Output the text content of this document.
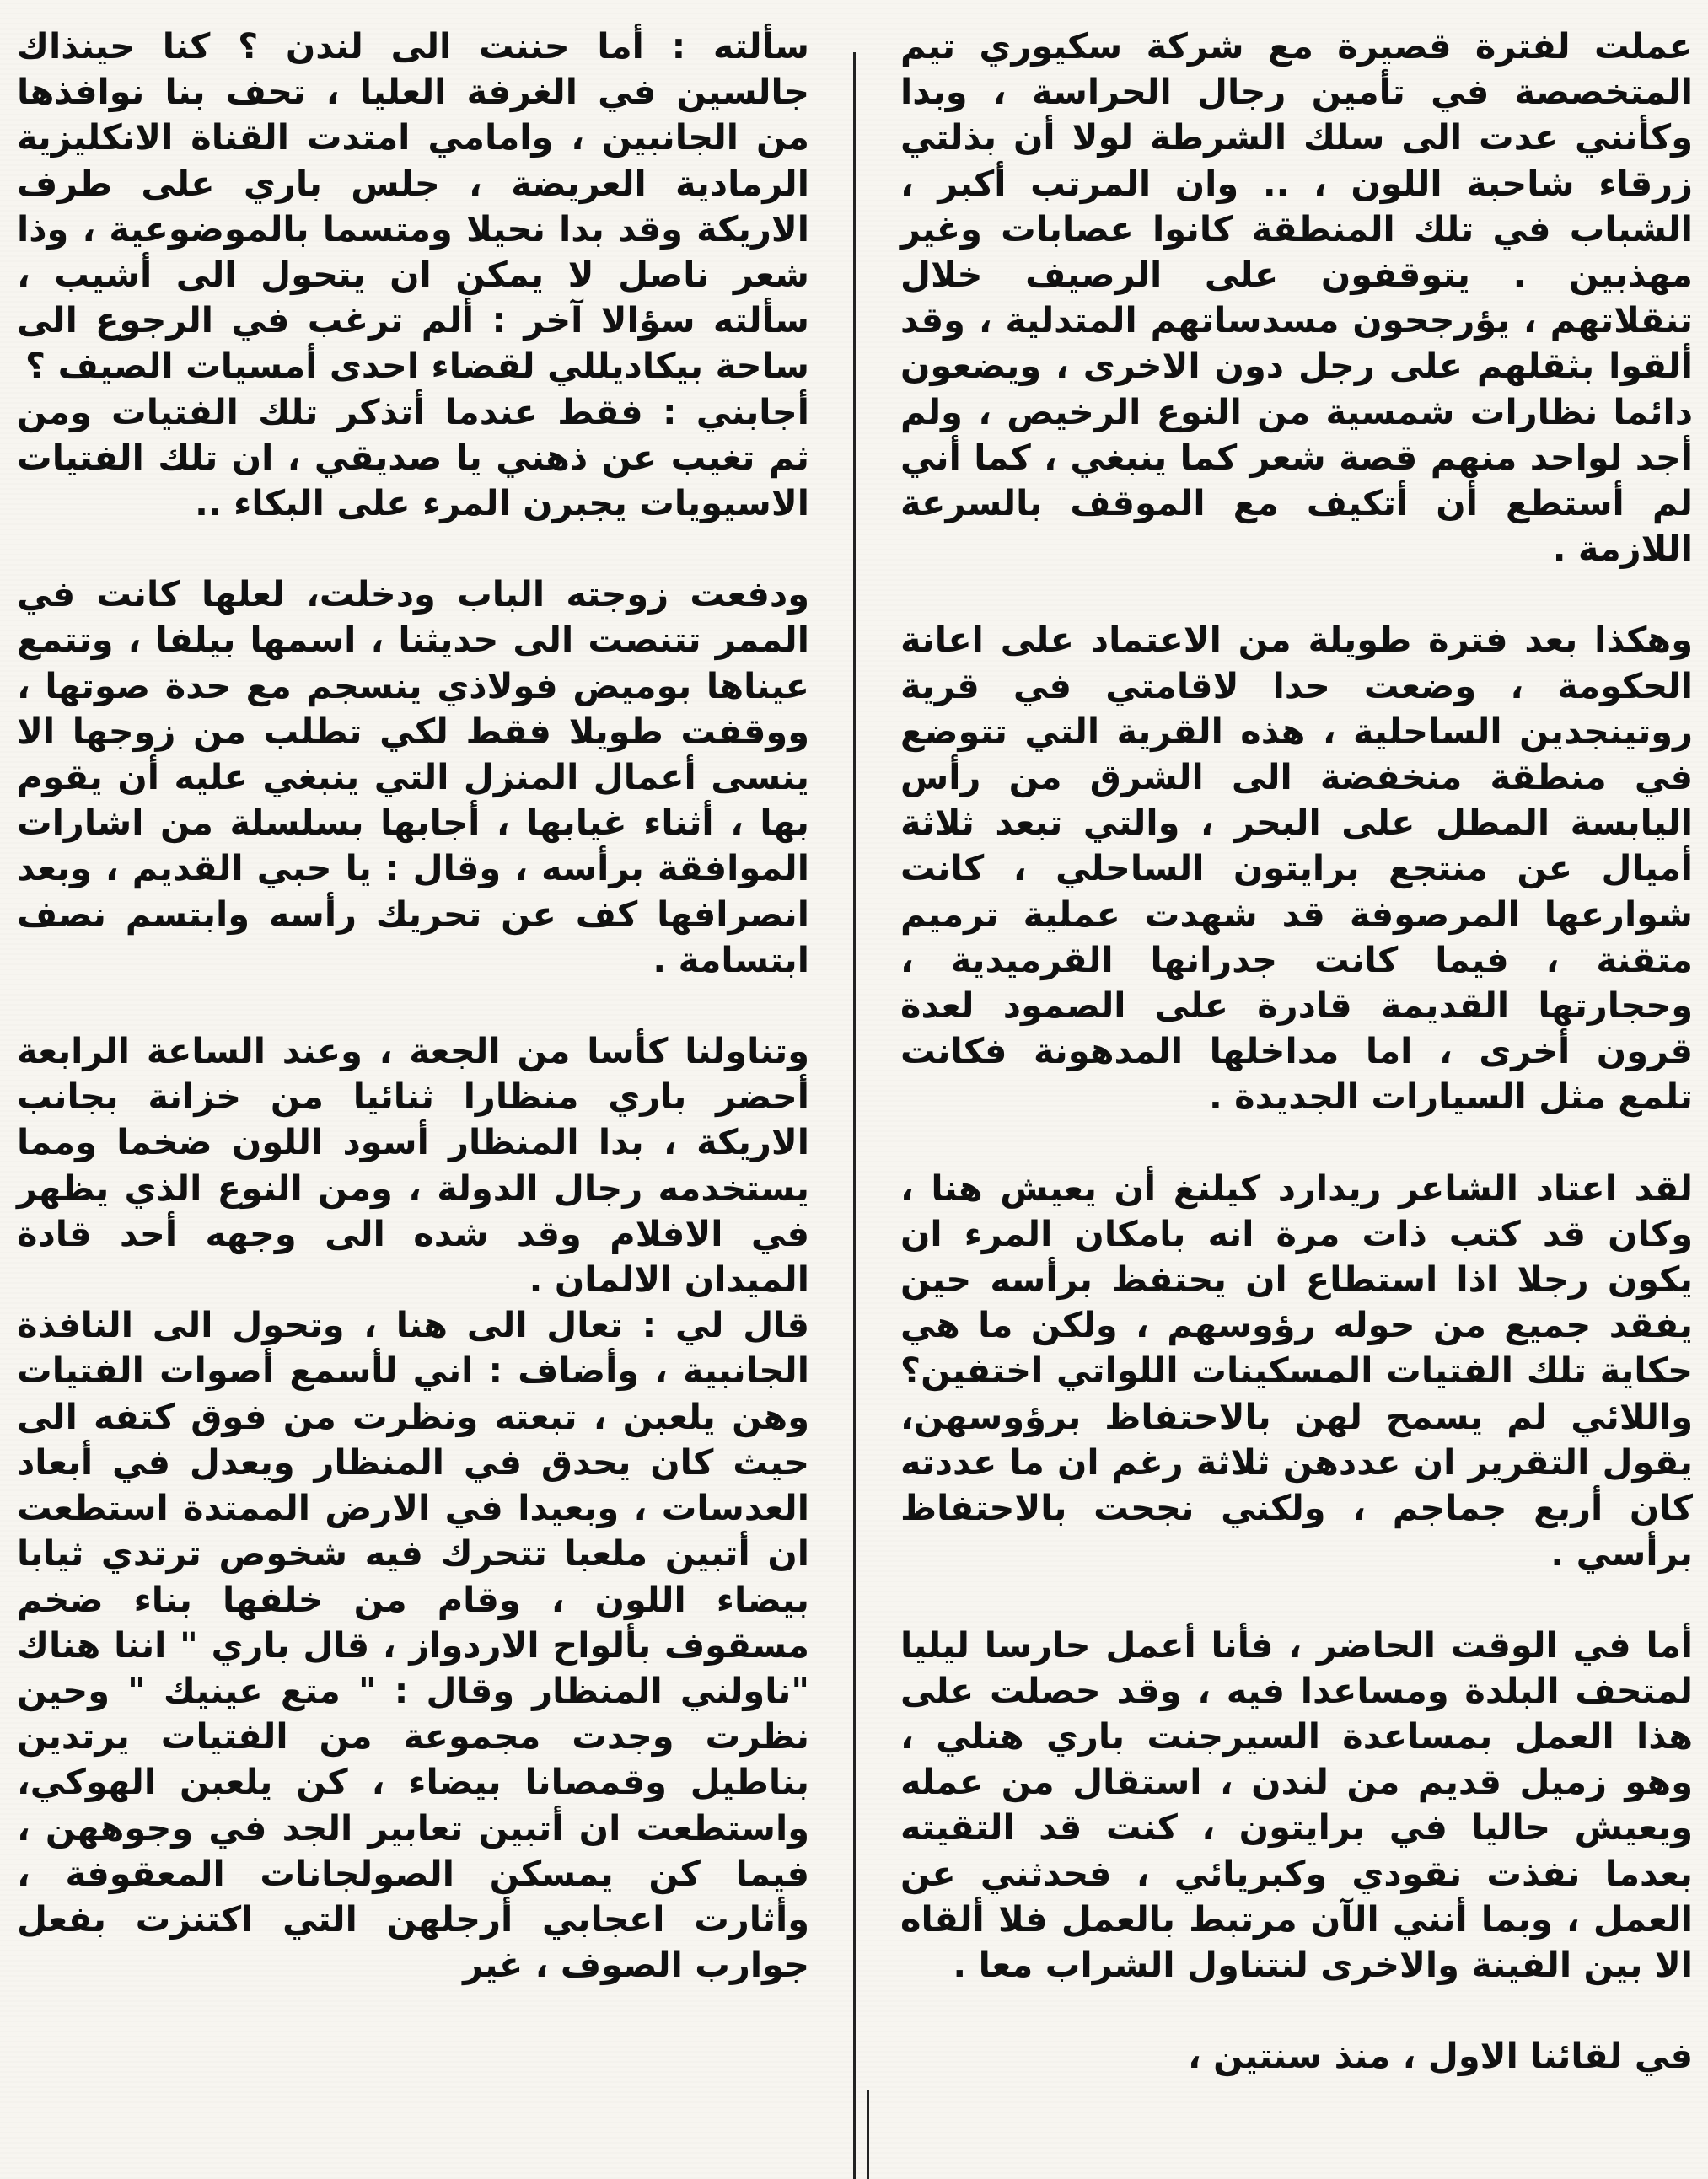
عملت لفترة قصيرة مع شركة سكيوري تيم المتخصصة في تأمين رجال الحراسة ، وبدا وكأنني عدت الى سلك الشرطة لولا أن بذلتي زرقاء شاحبة اللون ، .. وان المرتب أكبر ، الشباب في تلك المنطقة كانوا عصابات وغير مهذبين . يتوقفون على الرصيف خلال تنقلاتهم ، يؤرجحون مسدساتهم المتدلية ، وقد ألقوا بثقلهم على رجل دون الاخرى ، ويضعون دائما نظارات شمسية من النوع الرخيص ، ولم أجد لواحد منهم قصة شعر كما ينبغي ، كما أني لم أستطع أن أتكيف مع الموقف بالسرعة اللازمة .

وهكذا بعد فترة طويلة من الاعتماد على اعانة الحكومة ، وضعت حدا لاقامتي في قرية روتينجدين الساحلية ، هذه القرية التي تتوضع في منطقة منخفضة الى الشرق من رأس اليابسة المطل على البحر ، والتي تبعد ثلاثة أميال عن منتجع برايتون الساحلي ، كانت شوارعها المرصوفة قد شهدت عملية ترميم متقنة ، فيما كانت جدرانها القرميدية ، وحجارتها القديمة قادرة على الصمود لعدة قرون أخرى ، اما مداخلها المدهونة فكانت تلمع مثل السيارات الجديدة .

لقد اعتاد الشاعر ريدارد كيلنغ أن يعيش هنا ، وكان قد كتب ذات مرة انه بامكان المرء ان يكون رجلا اذا استطاع ان يحتفظ برأسه حين يفقد جميع من حوله رؤوسهم ، ولكن ما هي حكاية تلك الفتيات المسكينات اللواتي اختفين؟ واللائي لم يسمح لهن بالاحتفاظ برؤوسهن، يقول التقرير ان عددهن ثلاثة رغم ان ما عددته كان أربع جماجم ، ولكني نجحت بالاحتفاظ برأسي .

أما في الوقت الحاضر ، فأنا أعمل حارسا ليليا لمتحف البلدة ومساعدا فيه ، وقد حصلت على هذا العمل بمساعدة السيرجنت باري هنلي ، وهو زميل قديم من لندن ، استقال من عمله ويعيش حاليا في برايتون ، كنت قد التقيته بعدما نفذت نقودي وكبريائي ، فحدثني عن العمل ، وبما أنني الآن مرتبط بالعمل فلا ألقاه الا بين الفينة والاخرى لنتناول الشراب معا .

في لقائنا الاول ، منذ سنتين ،

سألته : أما حننت الى لندن ؟ كنا حينذاك جالسين في الغرفة العليا ، تحف بنا نوافذها من الجانبين ، وامامي امتدت القناة الانكليزية الرمادية العريضة ، جلس باري على طرف الاريكة وقد بدا نحيلا ومتسما بالموضوعية ، وذا شعر ناصل لا يمكن ان يتحول الى أشيب ، سألته سؤالا آخر : ألم ترغب في الرجوع الى ساحة بيكاديللي لقضاء احدى أمسيات الصيف ؟

أجابني : فقط عندما أتذكر تلك الفتيات ومن ثم تغيب عن ذهني يا صديقي ، ان تلك الفتيات الاسيويات يجبرن المرء على البكاء ..

ودفعت زوجته الباب ودخلت، لعلها كانت في الممر تتنصت الى حديثنا ، اسمها بيلفا ، وتتمع عيناها بوميض فولاذي ينسجم مع حدة صوتها ، ووقفت طويلا فقط لكي تطلب من زوجها الا ينسى أعمال المنزل التي ينبغي عليه أن يقوم بها ، أثناء غيابها ، أجابها بسلسلة من اشارات الموافقة برأسه ، وقال : يا حبي القديم ، وبعد انصرافها كف عن تحريك رأسه وابتسم نصف ابتسامة .

وتناولنا كأسا من الجعة ، وعند الساعة الرابعة أحضر باري منظارا ثنائيا من خزانة بجانب الاريكة ، بدا المنظار أسود اللون ضخما ومما يستخدمه رجال الدولة ، ومن النوع الذي يظهر في الافلام وقد شده الى وجهه أحد قادة الميدان الالمان .

قال لي : تعال الى هنا ، وتحول الى النافذة الجانبية ، وأضاف : اني لأسمع أصوات الفتيات وهن يلعبن ، تبعته ونظرت من فوق كتفه الى حيث كان يحدق في المنظار ويعدل في أبعاد العدسات ، وبعيدا في الارض الممتدة استطعت ان أتبين ملعبا تتحرك فيه شخوص ترتدي ثيابا بيضاء اللون ، وقام من خلفها بناء ضخم مسقوف بألواح الاردواز ، قال باري " اننا هناك "ناولني المنظار وقال : " متع عينيك " وحين نظرت وجدت مجموعة من الفتيات يرتدين بناطيل وقمصانا بيضاء ، كن يلعبن الهوكي، واستطعت ان أتبين تعابير الجد في وجوههن ، فيما كن يمسكن الصولجانات المعقوفة ، وأثارت اعجابي أرجلهن التي اكتنزت بفعل جوارب الصوف ، غير
